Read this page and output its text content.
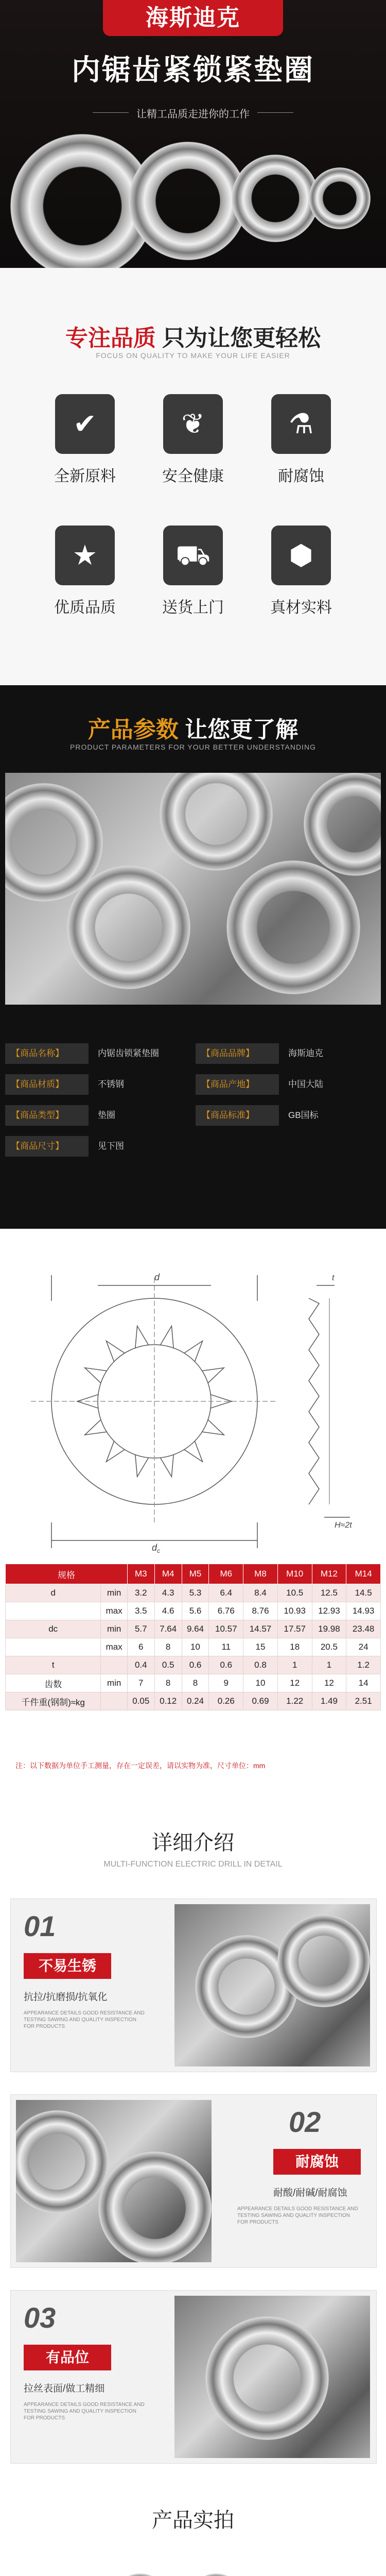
海斯迪克
内锯齿紧锁紧垫圈
让精工品质走进你的工作
专注品质 只为让您更轻松
FOCUS ON QUALITY TO MAKE YOUR LIFE EASIER
✔
全新原料
❦
安全健康
⚗
耐腐蚀
★
优质品质
⛟
送货上门
⬢
真材实料
产品参数 让您更了解
PRODUCT PARAMETERS FOR YOUR BETTER UNDERSTANDING
【商品名称】	内锯齿锁紧垫圈	【商品品牌】	海斯迪克
【商品材质】	不锈钢	【商品产地】	中国大陆
【商品类型】	垫圈	【商品标准】	GB国标
【商品尺寸】	见下图
d
$d_c$
t
H≈2t
规格		M3	M4	M5	M6	M8	M10	M12	M14
d	min	3.2	4.3	5.3	6.4	8.4	10.5	12.5	14.5
	max	3.5	4.6	5.6	6.76	8.76	10.93	12.93	14.93
dc	min	5.7	7.64	9.64	10.57	14.57	17.57	19.98	23.48
	max	6	8	10	11	15	18	20.5	24
t		0.4	0.5	0.6	0.6	0.8	1	1	1.2
齿数	min	7	8	8	9	10	12	12	14
千件重(钢制)≈kg		0.05	0.12	0.24	0.26	0.69	1.22	1.49	2.51
注：以下数据为单位手工测量，存在一定误差，请以实物为准，尺寸单位：mm
详细介绍
MULTI-FUNCTION ELECTRIC DRILL IN DETAIL
01
不易生锈
抗拉/抗磨损/抗氧化
APPEARANCE DETAILS GOOD RESISTANCE AND TESTING SAWING AND QUALITY INSPECTION FOR PRODUCTS
02
耐腐蚀
耐酸/耐碱/耐腐蚀
APPEARANCE DETAILS GOOD RESISTANCE AND TESTING SAWING AND QUALITY INSPECTION FOR PRODUCTS
03
有品位
拉丝表面/做工精细
APPEARANCE DETAILS GOOD RESISTANCE AND TESTING SAWING AND QUALITY INSPECTION FOR PRODUCTS
产品实拍
